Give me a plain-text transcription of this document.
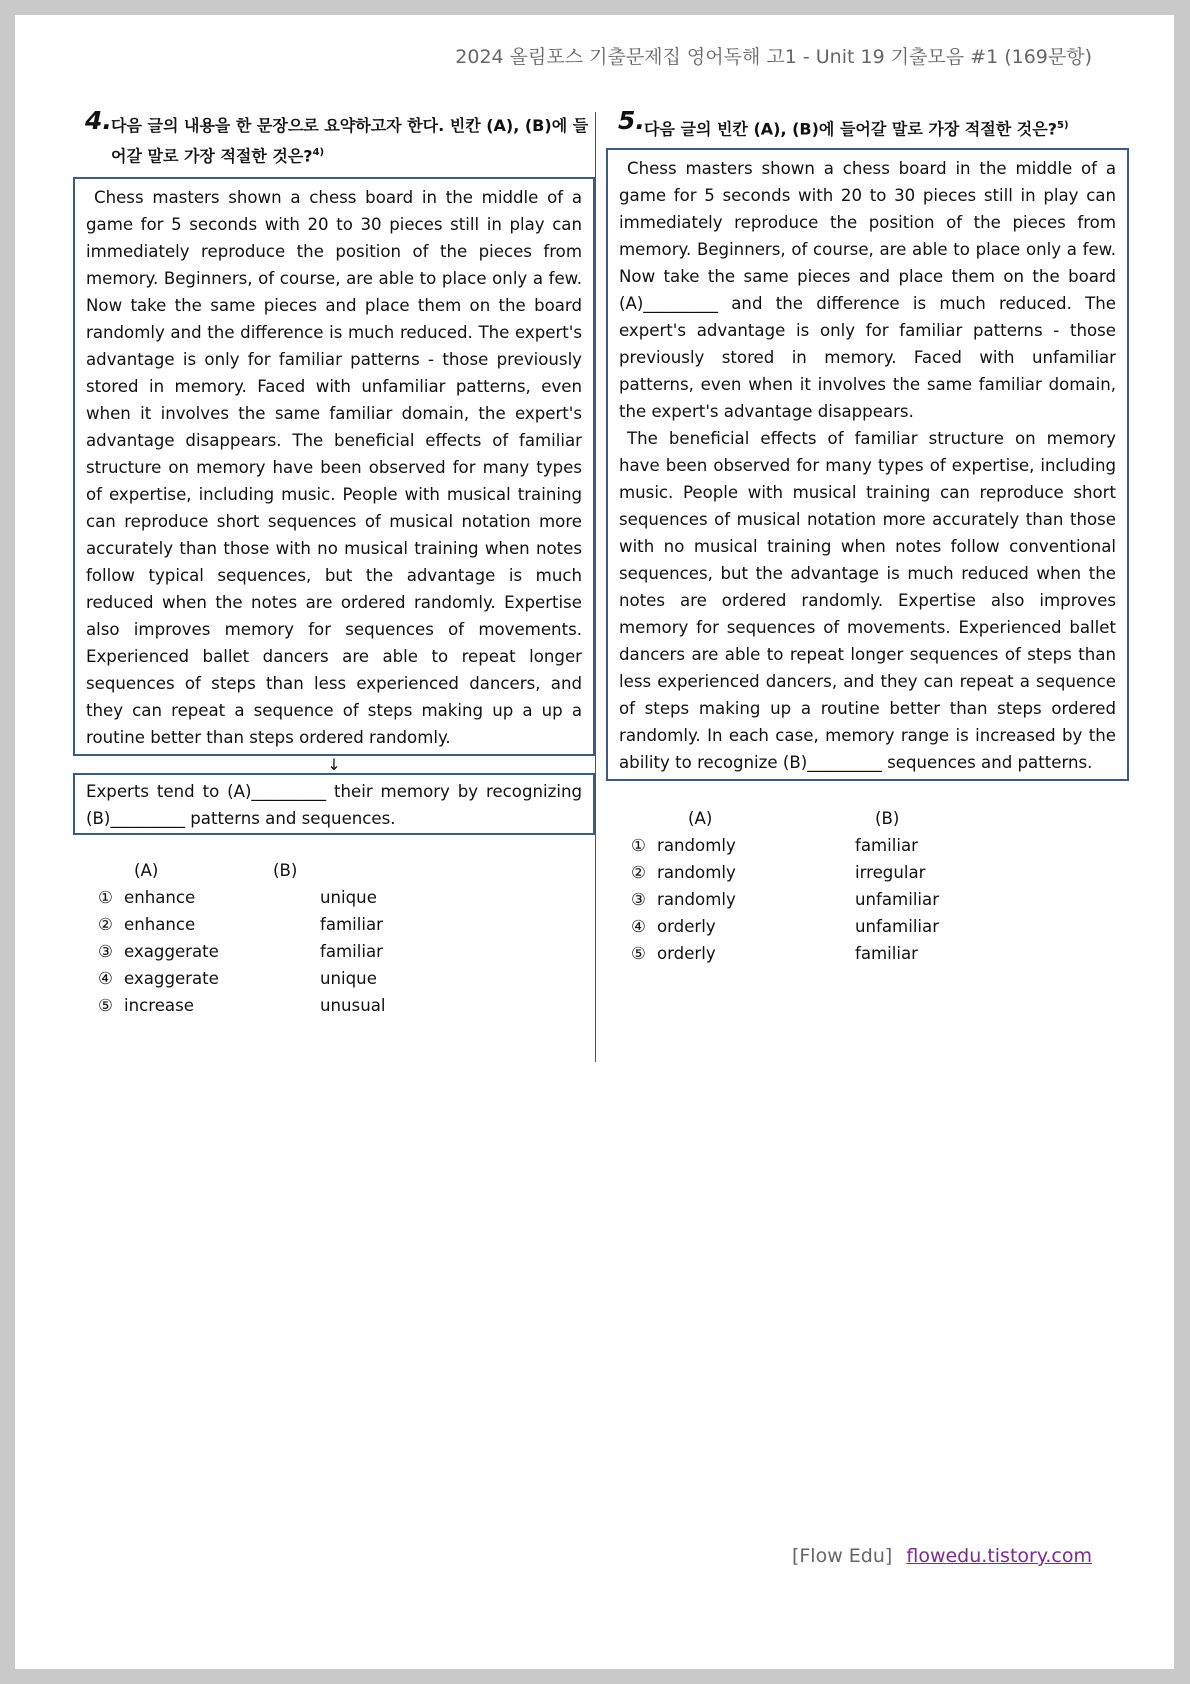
2024 올림포스 기출문제집 영어독해 고1 - Unit 19 기출모음 #1 (169문항)
4. 다음 글의 내용을 한 문장으로 요약하고자 한다. 빈칸 (A), (B)에 들어갈 말로 가장 적절한 것은?$^{4)}$

Chess masters shown a chess board in the middle of a game for 5 seconds with 20 to 30 pieces still in play can immediately reproduce the position of the pieces from memory. Beginners, of course, are able to place only a few. Now take the same pieces and place them on the board randomly and the difference is much reduced. The expert's advantage is only for familiar patterns - those previously stored in memory. Faced with unfamiliar patterns, even when it involves the same familiar domain, the expert's advantage disappears. The beneficial effects of familiar structure on memory have been observed for many types of expertise, including music. People with musical training can reproduce short sequences of musical notation more accurately than those with no musical training when notes follow typical sequences, but the advantage is much reduced when the notes are ordered randomly. Expertise also improves memory for sequences of movements. Experienced ballet dancers are able to repeat longer sequences of steps than less experienced dancers, and they can repeat a sequence of steps making up a up a routine better than steps ordered randomly.

↓
Experts tend to (A)_________ their memory by recognizing (B)_________ patterns and sequences.
(A)	(B)
① enhance	unique
② enhance	familiar
③ exaggerate	familiar
④ exaggerate	unique
⑤ increase	unusual
5. 다음 글의 빈칸 (A), (B)에 들어갈 말로 가장 적절한 것은?$^{5)}$

Chess masters shown a chess board in the middle of a game for 5 seconds with 20 to 30 pieces still in play can immediately reproduce the position of the pieces from memory. Beginners, of course, are able to place only a few. Now take the same pieces and place them on the board (A)_________ and the difference is much reduced. The expert's advantage is only for familiar patterns - those previously stored in memory. Faced with unfamiliar patterns, even when it involves the same familiar domain, the expert's advantage disappears.

The beneficial effects of familiar structure on memory have been observed for many types of expertise, including music. People with musical training can reproduce short sequences of musical notation more accurately than those with no musical training when notes follow conventional sequences, but the advantage is much reduced when the notes are ordered randomly. Expertise also improves memory for sequences of movements. Experienced ballet dancers are able to repeat longer sequences of steps than less experienced dancers, and they can repeat a sequence of steps making up a routine better than steps ordered randomly. In each case, memory range is increased by the ability to recognize (B)_________ sequences and patterns.

(A)	(B)
① randomly	familiar
② randomly	irregular
③ randomly	unfamiliar
④ orderly	unfamiliar
⑤ orderly	familiar
[Flow Edu] flowedu.tistory.com
